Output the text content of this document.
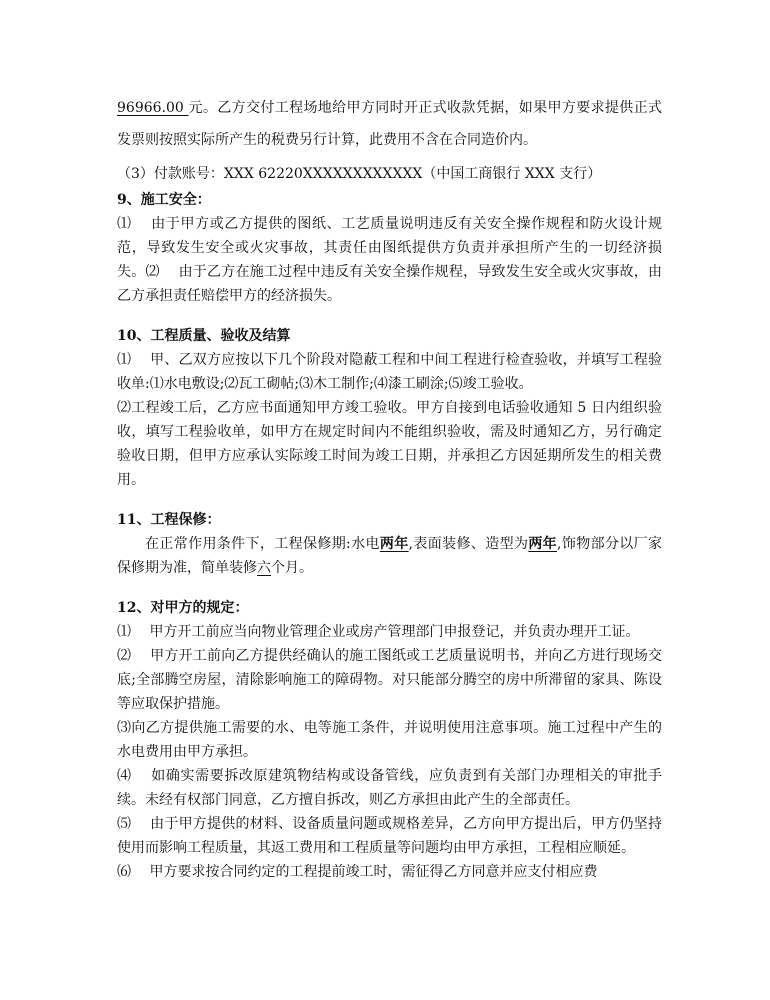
96966.00 元。乙方交付工程场地给甲方同时开正式收款凭据，如果甲方要求提供正式发票则按照实际所产生的税费另行计算，此费用不含在合同造价内。

（3）付款账号：XXX 62220XXXXXXXXXXXX（中国工商银行 XXX 支行）

9、施工安全：

⑴　 由于甲方或乙方提供的图纸、工艺质量说明违反有关安全操作规程和防火设计规范，导致发生安全或火灾事故，其责任由图纸提供方负责并承担所产生的一切经济损失。⑵　 由于乙方在施工过程中违反有关安全操作规程，导致发生安全或火灾事故，由乙方承担责任赔偿甲方的经济损失。

10、工程质量、验收及结算

⑴　 甲、乙双方应按以下几个阶段对隐蔽工程和中间工程进行检查验收，并填写工程验收单:⑴水电敷设;⑵瓦工砌帖;⑶木工制作;⑷漆工刷涂;⑸竣工验收。

⑵工程竣工后，乙方应书面通知甲方竣工验收。甲方自接到电话验收通知 5 日内组织验收，填写工程验收单，如甲方在规定时间内不能组织验收，需及时通知乙方，另行确定验收日期，但甲方应承认实际竣工时间为竣工日期，并承担乙方因延期所发生的相关费用。

11、工程保修：

在正常作用条件下，工程保修期:水电两年,表面装修、造型为两年,饰物部分以厂家保修期为准，简单装修六个月。

12、对甲方的规定：

⑴　 甲方开工前应当向物业管理企业或房产管理部门申报登记，并负责办理开工证。

⑵　 甲方开工前向乙方提供经确认的施工图纸或工艺质量说明书，并向乙方进行现场交底;全部腾空房屋，清除影响施工的障碍物。对只能部分腾空的房中所滞留的家具、陈设等应取保护措施。

⑶向乙方提供施工需要的水、电等施工条件，并说明使用注意事项。施工过程中产生的水电费用由甲方承担。

⑷　 如确实需要拆改原建筑物结构或设备管线，应负责到有关部门办理相关的审批手续。未经有权部门同意，乙方擅自拆改，则乙方承担由此产生的全部责任。

⑸　 由于甲方提供的材料、设备质量问题或规格差异，乙方向甲方提出后，甲方仍坚持使用而影响工程质量，其返工费用和工程质量等问题均由甲方承担，工程相应顺延。

⑹　 甲方要求按合同约定的工程提前竣工时，需征得乙方同意并应支付相应费
